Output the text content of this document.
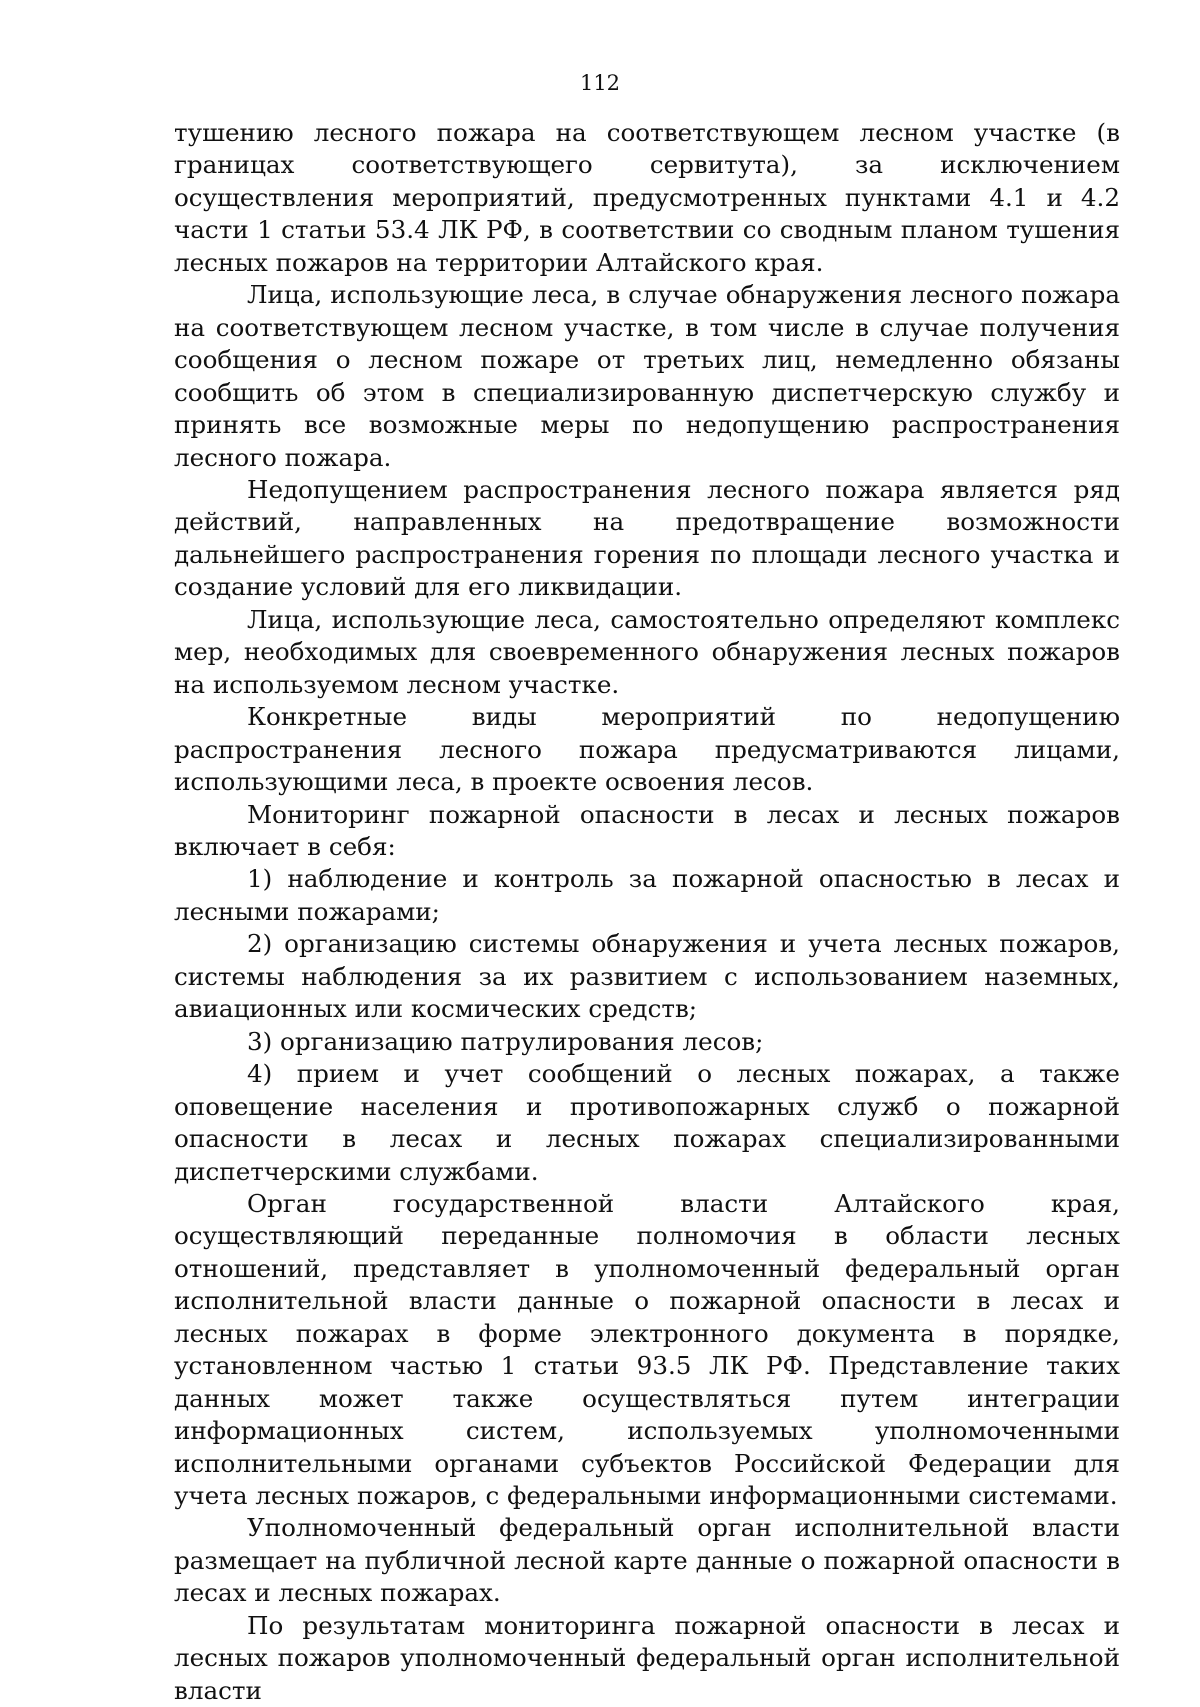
112

тушению лесного пожара на соответствующем лесном участке (в границах соответствующего сервитута), за исключением осуществления мероприятий, предусмотренных пунктами 4.1 и 4.2 части 1 статьи 53.4 ЛК РФ, в соответствии со сводным планом тушения лесных пожаров на территории Алтайского края.

Лица, использующие леса, в случае обнаружения лесного пожара на соответствующем лесном участке, в том числе в случае получения сообщения о лесном пожаре от третьих лиц, немедленно обязаны сообщить об этом в специализированную диспетчерскую службу и принять все возможные меры по недопущению распространения лесного пожара.

Недопущением распространения лесного пожара является ряд действий, направленных на предотвращение возможности дальнейшего распространения горения по площади лесного участка и создание условий для его ликвидации.

Лица, использующие леса, самостоятельно определяют комплекс мер, необходимых для своевременного обнаружения лесных пожаров на используемом лесном участке.

Конкретные виды мероприятий по недопущению распространения лесного пожара предусматриваются лицами, использующими леса, в проекте освоения лесов.

Мониторинг пожарной опасности в лесах и лесных пожаров включает в себя:

1) наблюдение и контроль за пожарной опасностью в лесах и лесными пожарами;

2) организацию системы обнаружения и учета лесных пожаров, системы наблюдения за их развитием с использованием наземных, авиационных или космических средств;

3) организацию патрулирования лесов;

4) прием и учет сообщений о лесных пожарах, а также оповещение населения и противопожарных служб о пожарной опасности в лесах и лесных пожарах специализированными диспетчерскими службами.

Орган государственной власти Алтайского края, осуществляющий переданные полномочия в области лесных отношений, представляет в уполномоченный федеральный орган исполнительной власти данные о пожарной опасности в лесах и лесных пожарах в форме электронного документа в порядке, установленном частью 1 статьи 93.5 ЛК РФ. Представление таких данных может также осуществляться путем интеграции информационных систем, используемых уполномоченными исполнительными органами субъектов Российской Федерации для учета лесных пожаров, с федеральными информационными системами.

Уполномоченный федеральный орган исполнительной власти размещает на публичной лесной карте данные о пожарной опасности в лесах и лесных пожарах.

По результатам мониторинга пожарной опасности в лесах и лесных пожаров уполномоченный федеральный орган исполнительной власти
